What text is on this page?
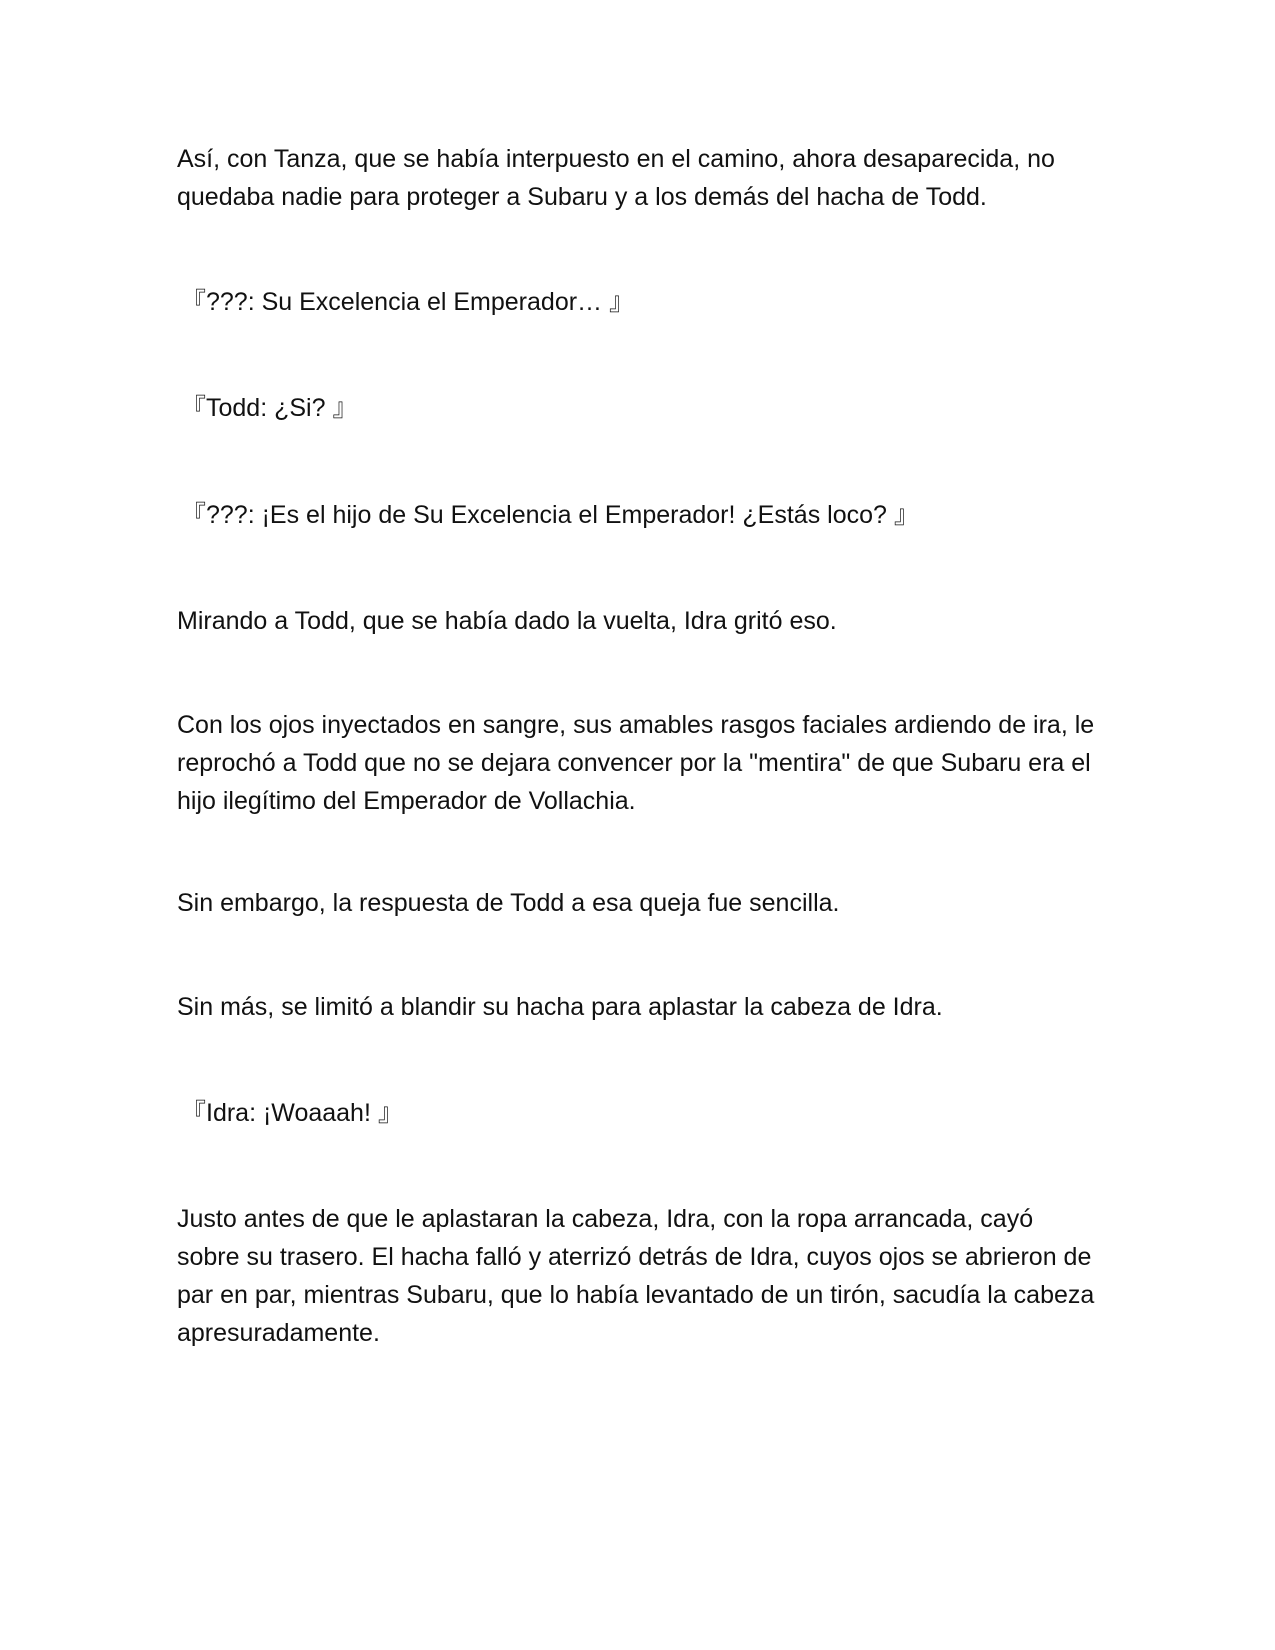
Así, con Tanza, que se había interpuesto en el camino, ahora desaparecida, no quedaba nadie para proteger a Subaru y a los demás del hacha de Todd.

『???: Su Excelencia el Emperador… 』

『Todd: ¿Si? 』

『???: ¡Es el hijo de Su Excelencia el Emperador! ¿Estás loco? 』

Mirando a Todd, que se había dado la vuelta, Idra gritó eso.

Con los ojos inyectados en sangre, sus amables rasgos faciales ardiendo de ira, le reprochó a Todd que no se dejara convencer por la "mentira" de que Subaru era el hijo ilegítimo del Emperador de Vollachia.

Sin embargo, la respuesta de Todd a esa queja fue sencilla.

Sin más, se limitó a blandir su hacha para aplastar la cabeza de Idra.

『Idra: ¡Woaaah! 』

Justo antes de que le aplastaran la cabeza, Idra, con la ropa arrancada, cayó sobre su trasero. El hacha falló y aterrizó detrás de Idra, cuyos ojos se abrieron de par en par, mientras Subaru, que lo había levantado de un tirón, sacudía la cabeza apresuradamente.
